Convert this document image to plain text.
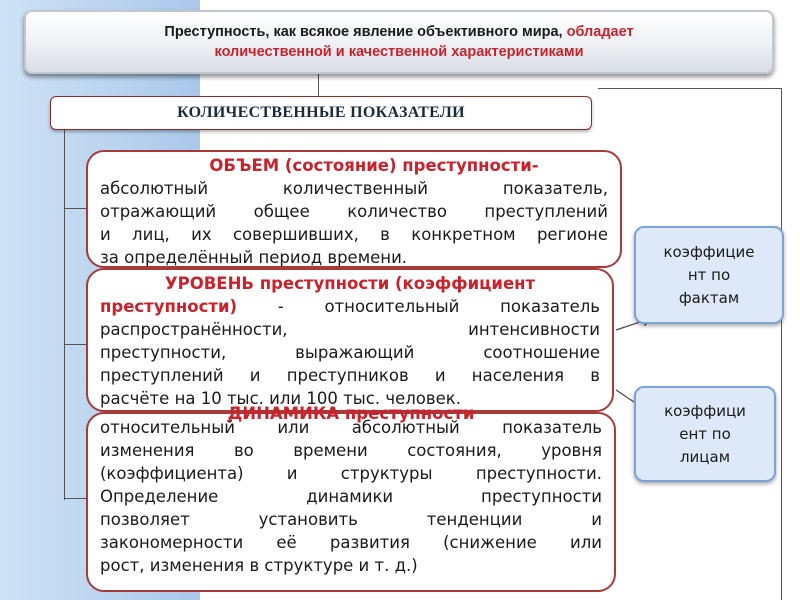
Преступность, как всякое явление объективного мира, обладает
количественной и качественной характеристиками
КОЛИЧЕСТВЕННЫЕ ПОКАЗАТЕЛИ
ОБЪЕМ (состояние) преступности-
абсолютный количественный показатель,
отражающий общее количество преступлений
и лиц, их совершивших, в конкретном регионе
за определённый период времени.
УРОВЕНЬ преступности (коэффициент
преступности) - относительный показатель
распространённости, интенсивности
преступности, выражающий соотношение
преступлений и преступников и населения в
расчёте на 10 тыс. или 100 тыс. человек.
ДИНАМИКА преступности
относительный или абсолютный показатель
изменения во времени состояния, уровня
(коэффициента) и структуры преступности.
Определение динамики преступности
позволяет установить тенденции и
закономерности её развития (снижение или
рост, изменения в структуре и т. д.)
коэффицие
нт по
фактам
коэффици
ент по
лицам
